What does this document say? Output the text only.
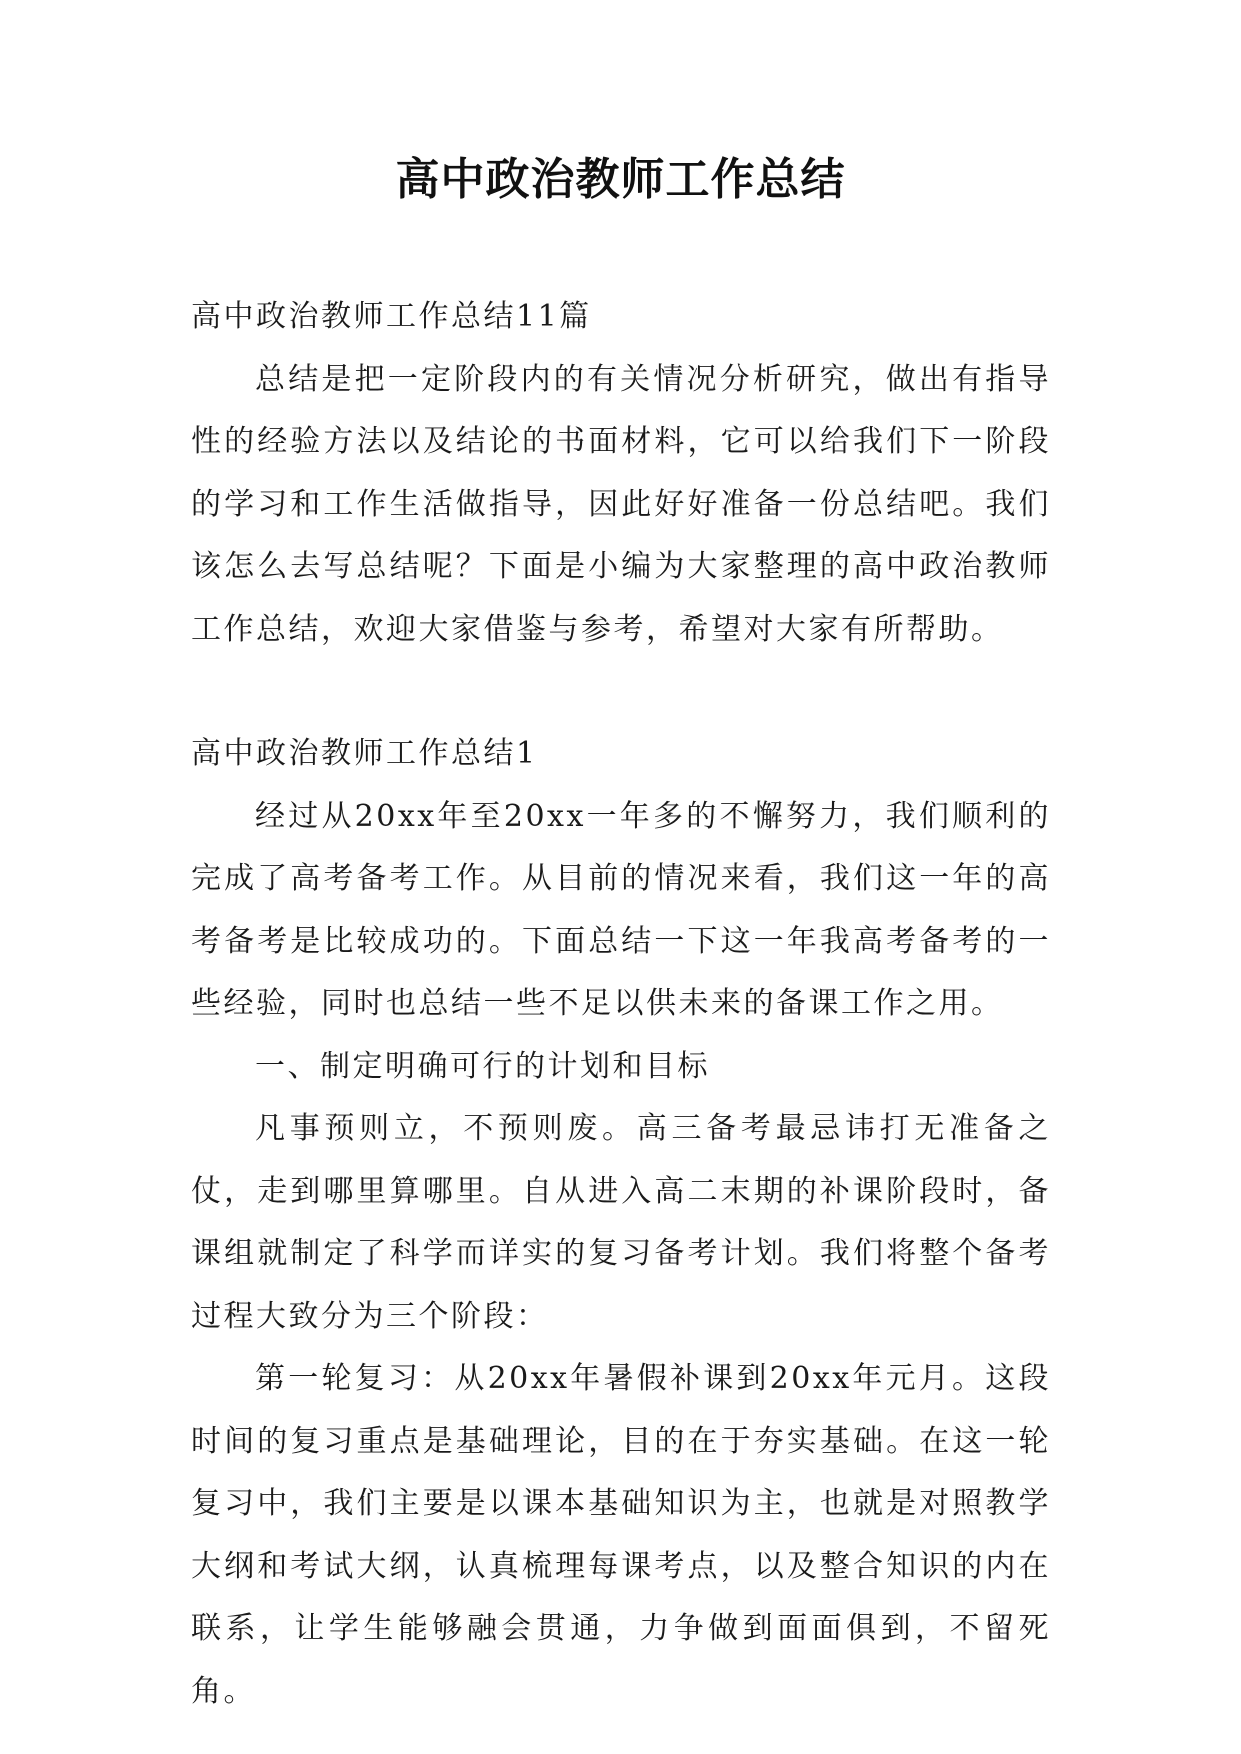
高中政治教师工作总结

高中政治教师工作总结11篇

总结是把一定阶段内的有关情况分析研究，做出有指导性的经验方法以及结论的书面材料，它可以给我们下一阶段的学习和工作生活做指导，因此好好准备一份总结吧。我们该怎么去写总结呢？下面是小编为大家整理的高中政治教师工作总结，欢迎大家借鉴与参考，希望对大家有所帮助。

高中政治教师工作总结1

经过从20xx年至20xx一年多的不懈努力，我们顺利的完成了高考备考工作。从目前的情况来看，我们这一年的高考备考是比较成功的。下面总结一下这一年我高考备考的一些经验，同时也总结一些不足以供未来的备课工作之用。

一、制定明确可行的计划和目标

凡事预则立，不预则废。高三备考最忌讳打无准备之仗，走到哪里算哪里。自从进入高二末期的补课阶段时，备课组就制定了科学而详实的复习备考计划。我们将整个备考过程大致分为三个阶段：

第一轮复习：从20xx年暑假补课到20xx年元月。这段时间的复习重点是基础理论，目的在于夯实基础。在这一轮复习中，我们主要是以课本基础知识为主，也就是对照教学大纲和考试大纲，认真梳理每课考点，以及整合知识的内在联系，让学生能够融会贯通，力争做到面面俱到，不留死角。
